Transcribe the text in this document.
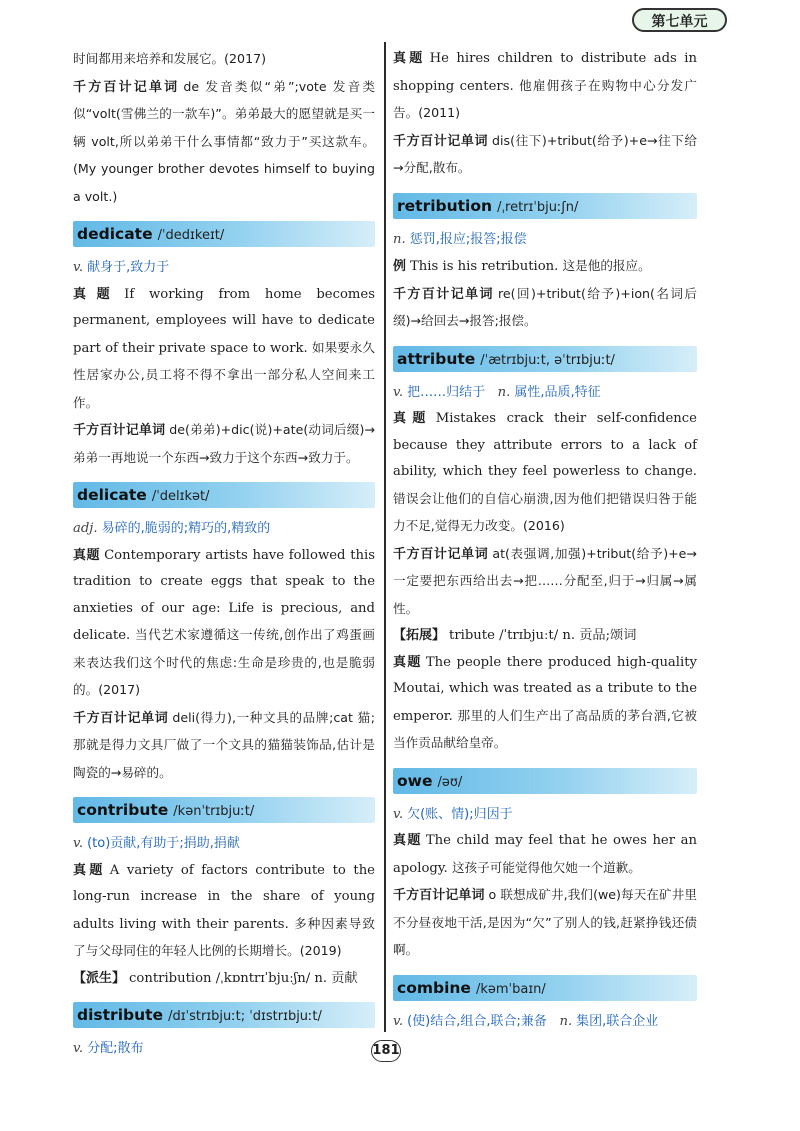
第七单元

时间都用来培养和发展它。(2017)

千方百计记单词 de 发音类似“弟”;vote 发音类似“volt(雪佛兰的一款车)”。弟弟最大的愿望就是买一辆 volt,所以弟弟干什么事情都“致力于”买这款车。(My younger brother devotes himself to buying a volt.)

dedicate /ˈdedɪkeɪt/

v. 献身于,致力于

真题 If working from home becomes permanent, employees will have to dedicate part of their private space to work. 如果要永久性居家办公,员工将不得不拿出一部分私人空间来工作。

千方百计记单词 de(弟弟)+dic(说)+ate(动词后缀)→弟弟一再地说一个东西→致力于这个东西→致力于。

delicate /ˈdelɪkət/

adj. 易碎的,脆弱的;精巧的,精致的

真题 Contemporary artists have followed this tradition to create eggs that speak to the anxieties of our age: Life is precious, and delicate. 当代艺术家遵循这一传统,创作出了鸡蛋画来表达我们这个时代的焦虑:生命是珍贵的,也是脆弱的。(2017)

千方百计记单词 deli(得力),一种文具的品牌;cat 猫;那就是得力文具厂做了一个文具的猫猫装饰品,估计是陶瓷的→易碎的。

contribute /kənˈtrɪbjuːt/

v. (to)贡献,有助于;捐助,捐献

真题 A variety of factors contribute to the long-run increase in the share of young adults living with their parents. 多种因素导致了与父母同住的年轻人比例的长期增长。(2019)

【派生】 contribution /ˌkɒntrɪˈbjuːʃn/ n. 贡献

distribute /dɪˈstrɪbjuːt; ˈdɪstrɪbjuːt/

v. 分配;散布

真题 He hires children to distribute ads in shopping centers. 他雇佣孩子在购物中心分发广告。(2011)

千方百计记单词 dis(往下)+tribut(给予)+e→往下给→分配,散布。

retribution /ˌretrɪˈbjuːʃn/

n. 惩罚,报应;报答;报偿

例 This is his retribution. 这是他的报应。

千方百计记单词 re(回)+tribut(给予)+ion(名词后缀)→给回去→报答;报偿。

attribute /ˈætrɪbjuːt, əˈtrɪbjuːt/

v. 把……归结于 n. 属性,品质,特征

真题 Mistakes crack their self-confidence because they attribute errors to a lack of ability, which they feel powerless to change. 错误会让他们的自信心崩溃,因为他们把错误归咎于能力不足,觉得无力改变。(2016)

千方百计记单词 at(表强调,加强)+tribut(给予)+e→一定要把东西给出去→把……分配至,归于→归属→属性。

【拓展】 tribute /ˈtrɪbjuːt/ n. 贡品;颂词

真题 The people there produced high-quality Moutai, which was treated as a tribute to the emperor. 那里的人们生产出了高品质的茅台酒,它被当作贡品献给皇帝。

owe /əʊ/

v. 欠(账、情);归因于

真题 The child may feel that he owes her an apology. 这孩子可能觉得他欠她一个道歉。

千方百计记单词 o 联想成矿井,我们(we)每天在矿井里不分昼夜地干活,是因为“欠”了别人的钱,赶紧挣钱还债啊。

combine /kəmˈbaɪn/

v. (使)结合,组合,联合;兼备 n. 集团,联合企业

181
